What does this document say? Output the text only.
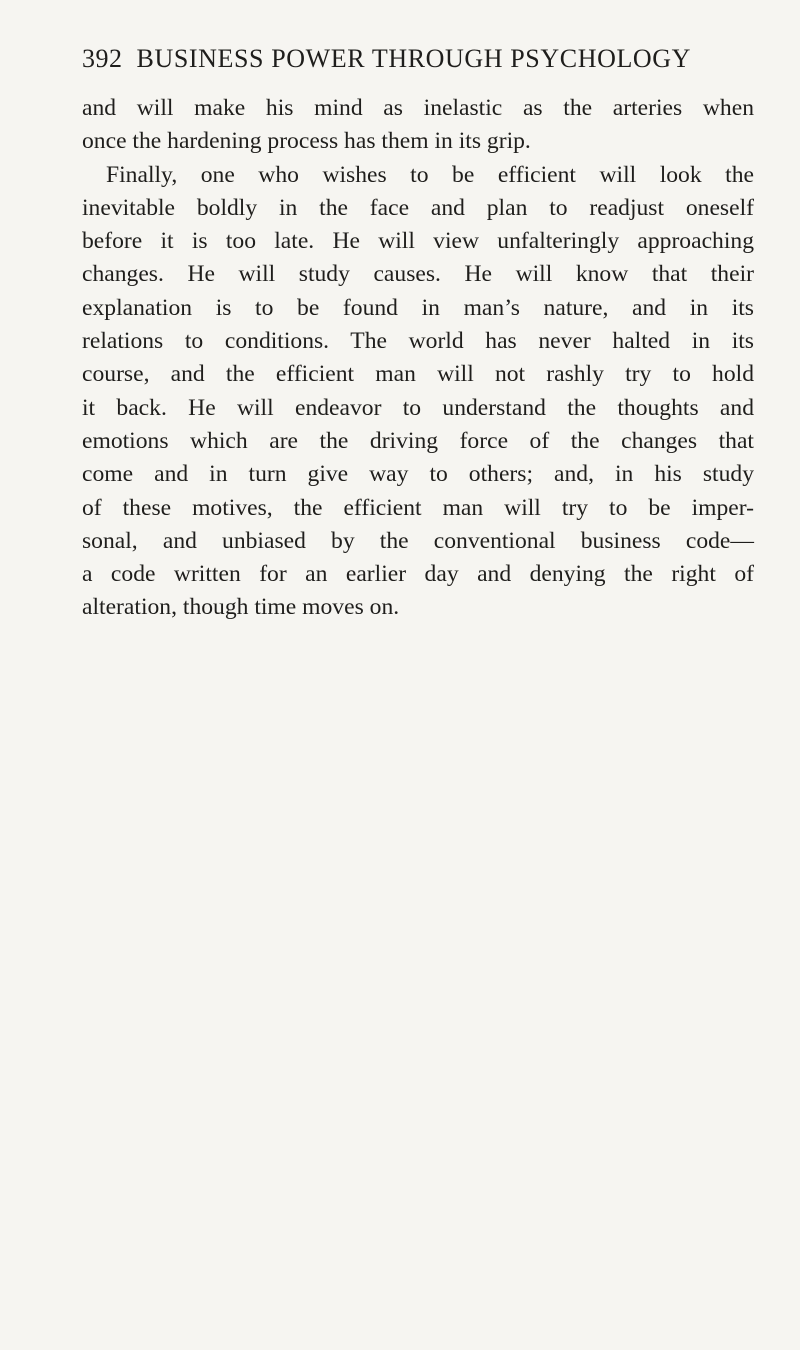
392 BUSINESS POWER THROUGH PSYCHOLOGY

and will make his mind as inelastic as the arteries when
once the hardening process has them in its grip.

Finally, one who wishes to be efficient will look the
inevitable boldly in the face and plan to readjust oneself
before it is too late. He will view unfalteringly approaching
changes. He will study causes. He will know that their
explanation is to be found in man’s nature, and in its
relations to conditions. The world has never halted in its
course, and the efficient man will not rashly try to hold
it back. He will endeavor to understand the thoughts and
emotions which are the driving force of the changes that
come and in turn give way to others; and, in his study
of these motives, the efficient man will try to be imper-
sonal, and unbiased by the conventional business code—
a code written for an earlier day and denying the right of
alteration, though time moves on.
